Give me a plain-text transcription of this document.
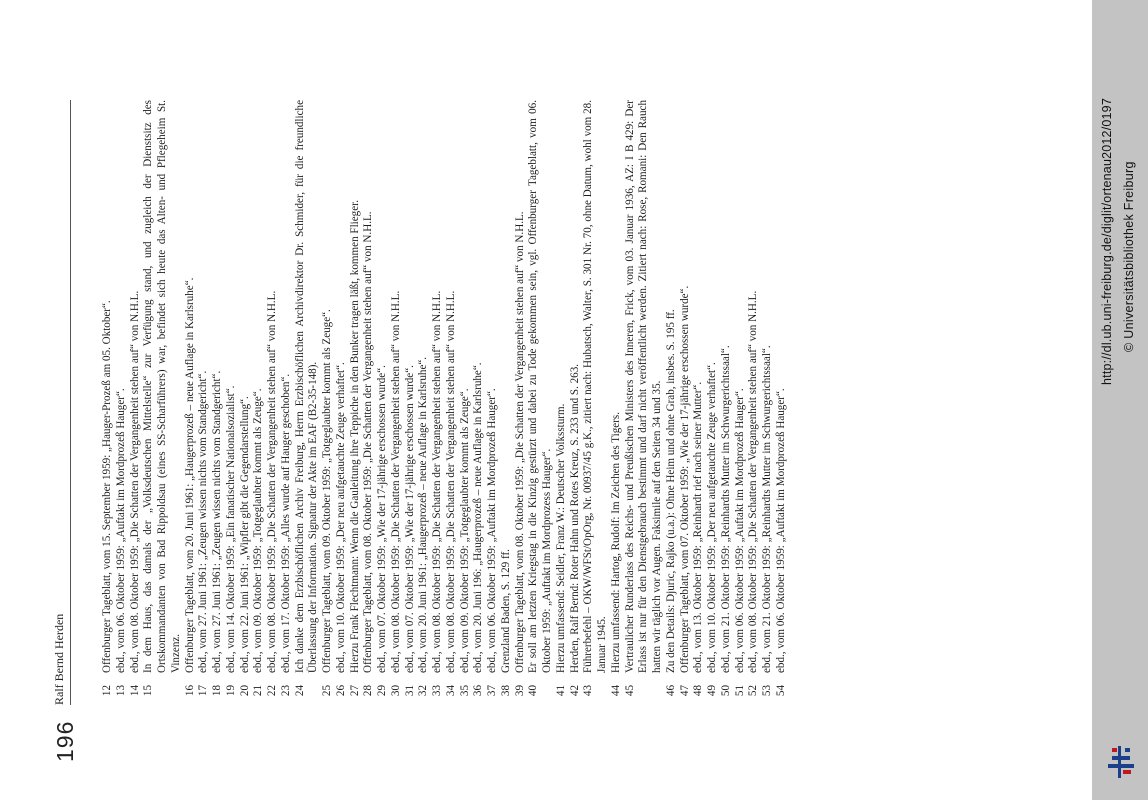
196
Ralf Bernd Herden	12
Offenburger Tageblatt, vom 15. September 1959: „Hauger-Prozeß am 05. Oktober“.
13
ebd., vom 06. Oktober 1959: „Auftakt im Mordprozeß Hauger“.
14
ebd., vom 08. Oktober 1959: „Die Schatten der Vergangenheit stehen auf“ von N.H.L.
15
In dem Haus, das damals der „Volksdeutschen Mittelstelle“ zur Verfügung stand, und zugleich der Dienstsitz des Ortskommandanten von Bad Rippoldsau (eines SS-Scharführers) war, befindet sich heute das Alten- und Pflegeheim St. Vinzenz.
16
Offenburger Tageblatt, vom 20. Juni 1961: „Haugerprozeß – neue Auflage in Karlsruhe“.
17
ebd., vom 27. Juni 1961: „Zeugen wissen nichts vom Standgericht“.
18
ebd., vom 27. Juni 1961: „Zeugen wissen nichts vom Standgericht“.
19
ebd., vom 14. Oktober 1959: „Ein fanatischer Nationalsozialist“.
20
ebd., vom 22. Juni 1961: „Wipfler gibt die Gegendarstellung“.
21
ebd., vom 09. Oktober 1959: „Totgeglaubter kommt als Zeuge“.
22
ebd., vom 08. Oktober 1959: „Die Schatten der Vergangenheit stehen auf“ von N.H.L.
23
ebd., vom 17. Oktober 1959: „Alles wurde auf Hauger geschoben“.
24
Ich danke dem Erzbischöflichen Archiv Freiburg, Herrn Erzbischöflichen Archivdirektor Dr. Schmider, für die freundliche Überlassung der Information. Signatur der Akte im EAF (B2-35-148).
25
Offenburger Tageblatt, vom 09. Oktober 1959: „Totgeglaubter kommt als Zeuge“.
26
ebd., vom 10. Oktober 1959: „Der neu aufgetauchte Zeuge verhaftet“.
27
Hierzu Frank Flechtmann: Wenn die Gauleitung ihre Teppiche in den Bunker tragen läßt, kommen Flieger.
28
Offenburger Tageblatt, vom 08. Oktober 1959: „Die Schatten der Vergangenheit stehen auf“ von N.H.L.
29
ebd., vom 07. Oktober 1959: „Wie der 17-jährige erschossen wurde“.
30
ebd., vom 08. Oktober 1959: „Die Schatten der Vergangenheit stehen auf“ von N.H.L.
31
ebd., vom 07. Oktober 1959: „Wie der 17-jährige erschossen wurde“.
32
ebd., vom 20. Juni 1961: „Haugerprozeß – neue Auflage in Karlsruhe“.
33
ebd., vom 08. Oktober 1959: „Die Schatten der Vergangenheit stehen auf“ von N.H.L.
34
ebd., vom 08. Oktober 1959: „Die Schatten der Vergangenheit stehen auf“ von N.H.L.
35
ebd., vom 09. Oktober 1959: „Totgeglaubter kommt als Zeuge“.
36
ebd., vom 20. Juni 196: „Haugerprozeß – neue Auflage in Karlsruhe“.
37
ebd., vom 06. Oktober 1959: „Auftakt im Mordprozeß Hauger“.
38
Grenzland Baden, S. 129 ff.
39
Offenburger Tageblatt, vom 08. Oktober 1959: „Die Schatten der Vergangenheit stehen auf“ von N.H.L.
40
Er soll am letzten Kriegstag in die Kinzig gestürzt und dabei zu Tode gekommen sein, vgl. Offenburger Tageblatt, vom 06. Oktober 1959: „Auftakt im Mordprozess Hauger“.
41
Hierzu umfassend: Seidler, Franz W.: Deutscher Volkssturm.
42
Herden, Ralf Bernd: Roter Hahn und Rotes Kreuz, S. 233 und S. 263.
43
Führerbefehl – OKW/WFSt/OpOrg, Nr. 00937/45 g.K., zitiert nach: Hubatsch, Walter, S. 301 Nr. 70, ohne Datum, wohl vom 28. Januar 1945.
44
Hierzu umfassend: Hartog, Rudolf: Im Zeichen des Tigers.
45
Vertraulicher Runderlass des Reichs- und Preußischen Ministers des Inneren, Frick, vom 03. Januar 1936, AZ: I B 429: Der Erlass ist nur für den Dienstgebrauch bestimmt und darf nicht veröffentlicht werden. Zitiert nach: Rose, Romani: Den Rauch hatten wir täglich vor Augen. Faksimile auf den Seiten 34 und 35.
46
Zu den Details: Djuric, Rajko (u.a.): Ohne Heim und ohne Grab, insbes. S. 195 ff.
47
Offenburger Tageblatt, vom 07. Oktober 1959: „Wie der 17-jährige erschossen wurde“.
48
ebd., vom 13. Oktober 1959: „Reinhardt rief nach seiner Mutter“.
49
ebd., vom 10. Oktober 1959: „Der neu aufgetauchte Zeuge verhaftet“.
50
ebd., vom 21. Oktober 1959: „Reinhardts Mutter im Schwurgerichtssaal“.
51
ebd., vom 06. Oktober 1959: „Auftakt im Mordprozeß Hauger“.
52
ebd., vom 08. Oktober 1959: „Die Schatten der Vergangenheit stehen auf“ von N.H.L.
53
ebd., vom 21. Oktober 1959: „Reinhardts Mutter im Schwurgerichtssaal“.
54
ebd., vom 06. Oktober 1959: „Auftakt im Mordprozeß Hauger“.
http://dl.ub.uni-freiburg.de/diglit/ortenau2012/0197 © Universitätsbibliothek Freiburg
